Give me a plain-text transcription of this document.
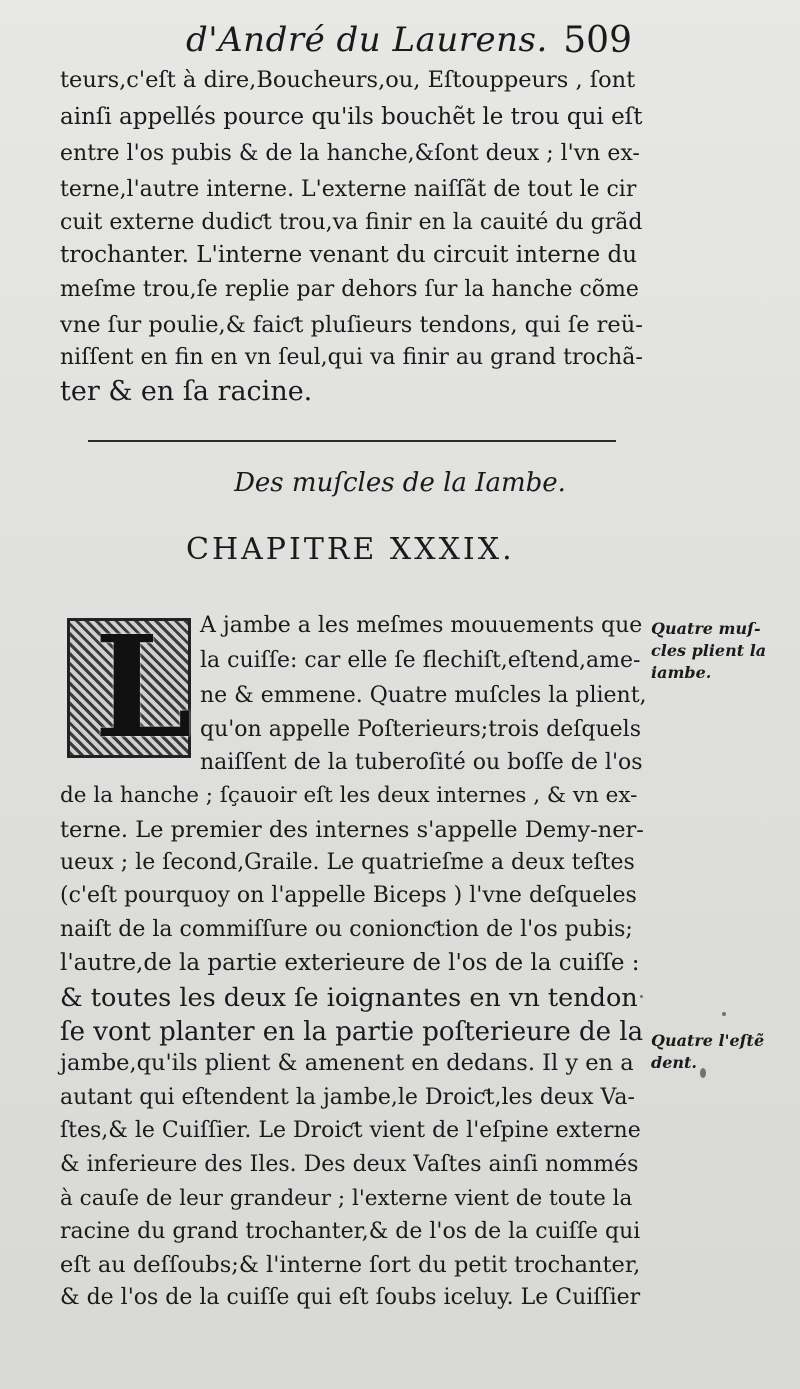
d'André du Laurens. 509
teurs,c'eſt à dire,Boucheurs,ou, Eſtouppeurs , ſont
ainſi appellés pource qu'ils bouchẽt le trou qui eſt
entre l'os pubis & de la hanche,&ſont deux ; l'vn ex-
terne,l'autre interne. L'externe naiſſãt de tout le cir
cuit externe dudiƈt trou,va finir en la cauité du grãd
trochanter. L'interne venant du circuit interne du
meſme trou,ſe replie par dehors ſur la hanche cõme
vne ſur poulie,& faiƈt pluſieurs tendons, qui ſe reü-
niſſent en fin en vn ſeul,qui va finir au grand trochã-
ter & en ſa racine.
Des muſcles de la Iambe.
CHAPITRE XXXIX.
L A jambe a les meſmes mouuements que
la cuiſſe: car elle ſe flechiſt,eſtend,ame-
ne & emmene. Quatre muſcles la plient,
qu'on appelle Poſterieurs;trois deſquels
naiſſent de la tuberoſité ou boſſe de l'os
de la hanche ; ſçauoir eſt les deux internes , & vn ex-
terne. Le premier des internes s'appelle Demy-ner-
ueux ; le ſecond,Graile. Le quatrieſme a deux teſtes
(c'eſt pourquoy on l'appelle Biceps ) l'vne deſqueles
naiſt de la commiſſure ou conionƈtion de l'os pubis;
l'autre,de la partie exterieure de l'os de la cuiſſe :
& toutes les deux ſe ioignantes en vn tendon
ſe vont planter en la partie poſterieure de la
jambe,qu'ils plient & amenent en dedans. Il y en a
autant qui eſtendent la jambe,le Droiƈt,les deux Va-
ſtes,& le Cuiſſier. Le Droiƈt vient de l'eſpine externe
& inferieure des Iles. Des deux Vaſtes ainſi nommés
à cauſe de leur grandeur ; l'externe vient de toute la
racine du grand trochanter,& de l'os de la cuiſſe qui
eſt au deſſoubs;& l'interne ſort du petit trochanter,
& de l'os de la cuiſſe qui eſt ſoubs iceluy. Le Cuiſſier
Quatre muſ-
cles plient la
iambe.
Quatre l'eſtẽ
dent.
